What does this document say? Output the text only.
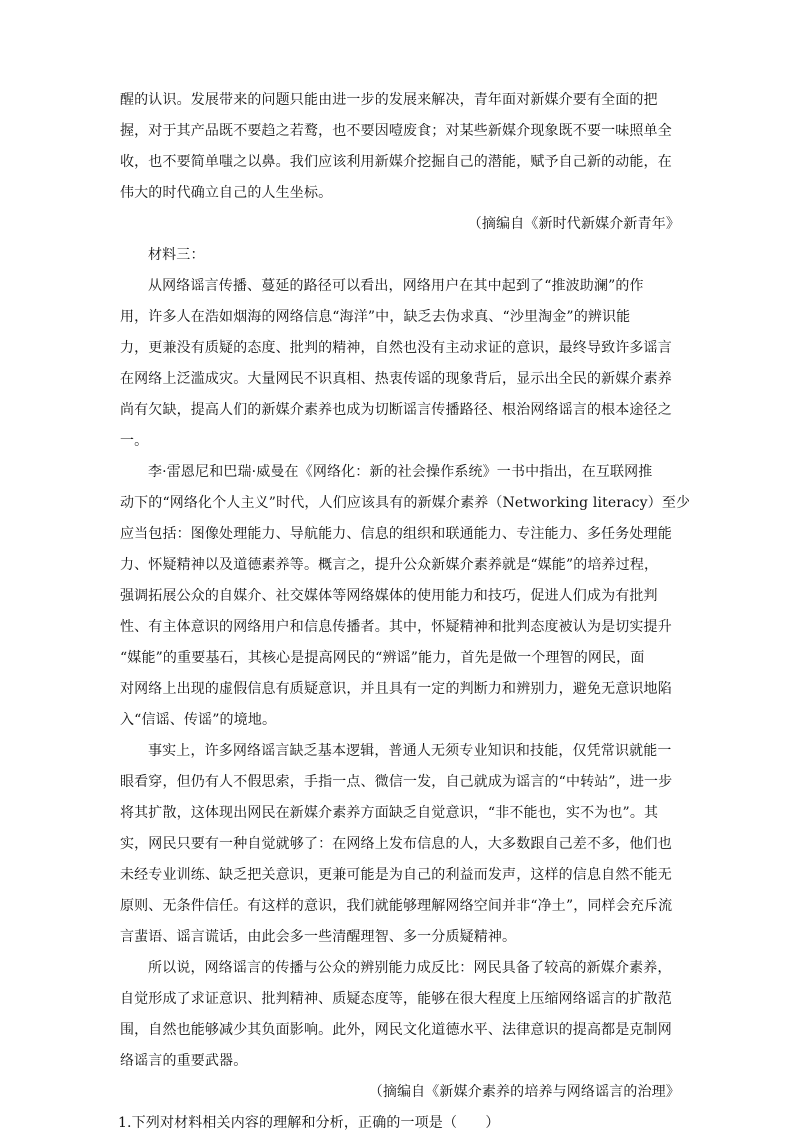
醒的认识。发展带来的问题只能由进一步的发展来解决，青年面对新媒介要有全面的把
握，对于其产品既不要趋之若鹜，也不要因噎废食；对某些新媒介现象既不要一味照单全
收，也不要简单嗤之以鼻。我们应该利用新媒介挖掘自己的潜能，赋予自己新的动能，在
伟大的时代确立自己的人生坐标。
（摘编自《新时代新媒介新青年》
材料三：
从网络谣言传播、蔓延的路径可以看出，网络用户在其中起到了“推波助澜”的作
用，许多人在浩如烟海的网络信息“海洋”中，缺乏去伪求真、“沙里淘金”的辨识能
力，更兼没有质疑的态度、批判的精神，自然也没有主动求证的意识，最终导致许多谣言
在网络上泛滥成灾。大量网民不识真相、热衷传谣的现象背后，显示出全民的新媒介素养
尚有欠缺，提高人们的新媒介素养也成为切断谣言传播路径、根治网络谣言的根本途径之
一。
李·雷恩尼和巴瑞·威曼在《网络化：新的社会操作系统》一书中指出，在互联网推
动下的“网络化个人主义”时代，人们应该具有的新媒介素养（Networking literacy）至少
应当包括：图像处理能力、导航能力、信息的组织和联通能力、专注能力、多任务处理能
力、怀疑精神以及道德素养等。概言之，提升公众新媒介素养就是“媒能”的培养过程，
强调拓展公众的自媒介、社交媒体等网络媒体的使用能力和技巧，促进人们成为有批判
性、有主体意识的网络用户和信息传播者。其中，怀疑精神和批判态度被认为是切实提升
“媒能”的重要基石，其核心是提高网民的“辨谣”能力，首先是做一个理智的网民，面
对网络上出现的虚假信息有质疑意识，并且具有一定的判断力和辨别力，避免无意识地陷
入“信谣、传谣”的境地。
事实上，许多网络谣言缺乏基本逻辑，普通人无须专业知识和技能，仅凭常识就能一
眼看穿，但仍有人不假思索，手指一点、微信一发，自己就成为谣言的“中转站”，进一步
将其扩散，这体现出网民在新媒介素养方面缺乏自觉意识，“非不能也，实不为也”。其
实，网民只要有一种自觉就够了：在网络上发布信息的人，大多数跟自己差不多，他们也
未经专业训练、缺乏把关意识，更兼可能是为自己的利益而发声，这样的信息自然不能无
原则、无条件信任。有这样的意识，我们就能够理解网络空间并非“净土”，同样会充斥流
言蜚语、谣言谎话，由此会多一些清醒理智、多一分质疑精神。
所以说，网络谣言的传播与公众的辨别能力成反比：网民具备了较高的新媒介素养，
自觉形成了求证意识、批判精神、质疑态度等，能够在很大程度上压缩网络谣言的扩散范
围，自然也能够减少其负面影响。此外，网民文化道德水平、法律意识的提高都是克制网
络谣言的重要武器。
（摘编自《新媒介素养的培养与网络谣言的治理》
1.下列对材料相关内容的理解和分析，正确的一项是（　　）
